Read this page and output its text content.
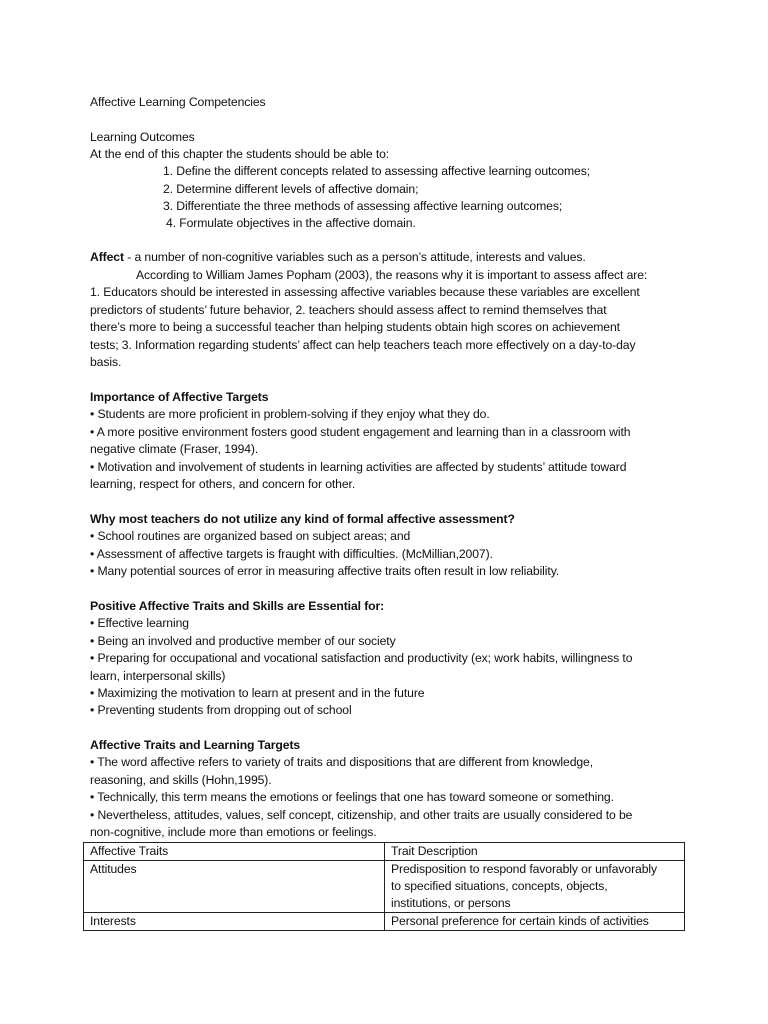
Affective Learning Competencies
Learning Outcomes
At the end of this chapter the students should be able to:
1. Define the different concepts related to assessing affective learning outcomes;
2. Determine different levels of affective domain;
3. Differentiate the three methods of assessing affective learning outcomes;
4. Formulate objectives in the affective domain.
Affect - a number of non-cognitive variables such as a person’s attitude, interests and values.
According to William James Popham (2003), the reasons why it is important to assess affect are:
1. Educators should be interested in assessing affective variables because these variables are excellent
predictors of students’ future behavior, 2. teachers should assess affect to remind themselves that
there’s more to being a successful teacher than helping students obtain high scores on achievement
tests; 3. Information regarding students’ affect can help teachers teach more effectively on a day-to-day
basis.
Importance of Affective Targets
• Students are more proficient in problem-solving if they enjoy what they do.
• A more positive environment fosters good student engagement and learning than in a classroom with
negative climate (Fraser, 1994).
• Motivation and involvement of students in learning activities are affected by students’ attitude toward
learning, respect for others, and concern for other.
Why most teachers do not utilize any kind of formal affective assessment?
• School routines are organized based on subject areas; and
• Assessment of affective targets is fraught with difficulties. (McMillian,2007).
• Many potential sources of error in measuring affective traits often result in low reliability.
Positive Affective Traits and Skills are Essential for:
• Effective learning
• Being an involved and productive member of our society
• Preparing for occupational and vocational satisfaction and productivity (ex; work habits, willingness to
learn, interpersonal skills)
• Maximizing the motivation to learn at present and in the future
• Preventing students from dropping out of school
Affective Traits and Learning Targets
• The word affective refers to variety of traits and dispositions that are different from knowledge,
reasoning, and skills (Hohn,1995).
• Technically, this term means the emotions or feelings that one has toward someone or something.
• Nevertheless, attitudes, values, self concept, citizenship, and other traits are usually considered to be
non-cognitive, include more than emotions or feelings.
Affective Traits	Trait Description
Attitudes	Predisposition to respond favorably or unfavorably
to specified situations, concepts, objects,
institutions, or persons

Interests	Personal preference for certain kinds of activities
